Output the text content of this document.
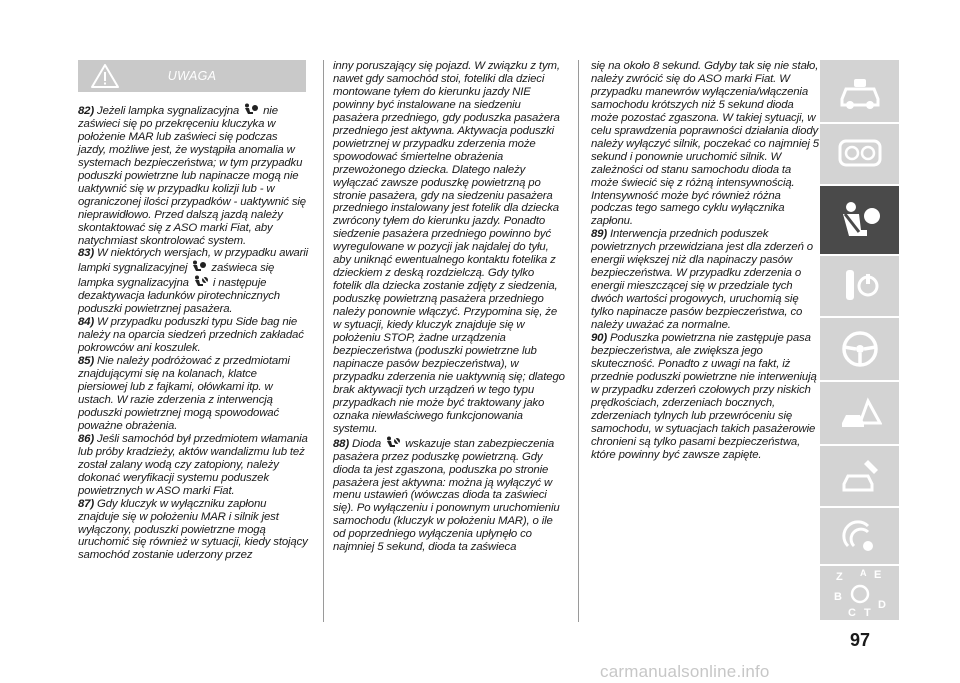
UWAGA

82) Jeżeli lampka sygnalizacyjna nie zaświeci się po przekręceniu kluczyka w położenie MAR lub zaświeci się podczas jazdy, możliwe jest, że wystąpiła anomalia w systemach bezpieczeństwa; w tym przypadku poduszki powietrzne lub napinacze mogą nie uaktywnić się w przypadku kolizji lub - w ograniczonej ilości przypadków - uaktywnić się nieprawidłowo. Przed dalszą jazdą należy skontaktować się z ASO marki Fiat, aby natychmiast skontrolować system.

83) W niektórych wersjach, w przypadku awarii lampki sygnalizacyjnej zaświeca się lampka sygnalizacyjna i następuje dezaktywacja ładunków pirotechnicznych poduszki powietrznej pasażera.

84) W przypadku poduszki typu Side bag nie należy na oparcia siedzeń przednich zakładać pokrowców ani koszulek.

85) Nie należy podróżować z przedmiotami znajdującymi się na kolanach, klatce piersiowej lub z fajkami, ołówkami itp. w ustach. W razie zderzenia z interwencją poduszki powietrznej mogą spowodować poważne obrażenia.

86) Jeśli samochód był przedmiotem włamania lub próby kradzieży, aktów wandalizmu lub też został zalany wodą czy zatopiony, należy dokonać weryfikacji systemu poduszek powietrznych w ASO marki Fiat.

87) Gdy kluczyk w wyłączniku zapłonu znajduje się w położeniu MAR i silnik jest wyłączony, poduszki powietrzne mogą uruchomić się również w sytuacji, kiedy stojący samochód zostanie uderzony przez

inny poruszający się pojazd. W związku z tym, nawet gdy samochód stoi, foteliki dla dzieci montowane tyłem do kierunku jazdy NIE powinny być instalowane na siedzeniu pasażera przedniego, gdy poduszka pasażera przedniego jest aktywna. Aktywacja poduszki powietrznej w przypadku zderzenia może spowodować śmiertelne obrażenia przewożonego dziecka. Dlatego należy wyłączać zawsze poduszkę powietrzną po stronie pasażera, gdy na siedzeniu pasażera przedniego instalowany jest fotelik dla dziecka zwrócony tyłem do kierunku jazdy. Ponadto siedzenie pasażera przedniego powinno być wyregulowane w pozycji jak najdalej do tyłu, aby uniknąć ewentualnego kontaktu fotelika z dzieckiem z deską rozdzielczą. Gdy tylko fotelik dla dziecka zostanie zdjęty z siedzenia, poduszkę powietrzną pasażera przedniego należy ponownie włączyć. Przypomina się, że w sytuacji, kiedy kluczyk znajduje się w położeniu STOP, żadne urządzenia bezpieczeństwa (poduszki powietrzne lub napinacze pasów bezpieczeństwa), w przypadku zderzenia nie uaktywnią się; dlatego brak aktywacji tych urządzeń w tego typu przypadkach nie może być traktowany jako oznaka niewłaściwego funkcjonowania systemu.

88) Dioda wskazuje stan zabezpieczenia pasażera przez poduszkę powietrzną. Gdy dioda ta jest zgaszona, poduszka po stronie pasażera jest aktywna: można ją wyłączyć w menu ustawień (wówczas dioda ta zaświeci się). Po wyłączeniu i ponownym uruchomieniu samochodu (kluczyk w położeniu MAR), o ile od poprzedniego wyłączenia upłynęło co najmniej 5 sekund, dioda ta zaświeca

się na około 8 sekund. Gdyby tak się nie stało, należy zwrócić się do ASO marki Fiat. W przypadku manewrów wyłączenia/włączenia samochodu krótszych niż 5 sekund dioda może pozostać zgaszona. W takiej sytuacji, w celu sprawdzenia poprawności działania diody należy wyłączyć silnik, poczekać co najmniej 5 sekund i ponownie uruchomić silnik. W zależności od stanu samochodu dioda ta może świecić się z różną intensywnością. Intensywność może być również różna podczas tego samego cyklu wyłącznika zapłonu.

89) Interwencja przednich poduszek powietrznych przewidziana jest dla zderzeń o energii większej niż dla napinaczy pasów bezpieczeństwa. W przypadku zderzenia o energii mieszczącej się w przedziale tych dwóch wartości progowych, uruchomią się tylko napinacze pasów bezpieczeństwa, co należy uważać za normalne.

90) Poduszka powietrzna nie zastępuje pasa bezpieczeństwa, ale zwiększa jego skuteczność. Ponadto z uwagi na fakt, iż przednie poduszki powietrzne nie interweniują w przypadku zderzeń czołowych przy niskich prędkościach, zderzeniach bocznych, zderzeniach tylnych lub przewróceniu się samochodu, w sytuacjach takich pasażerowie chronieni są tylko pasami bezpieczeństwa, które powinny być zawsze zapięte.

Z	E
A
B
C
D
T
97
carmanualsonline.info
